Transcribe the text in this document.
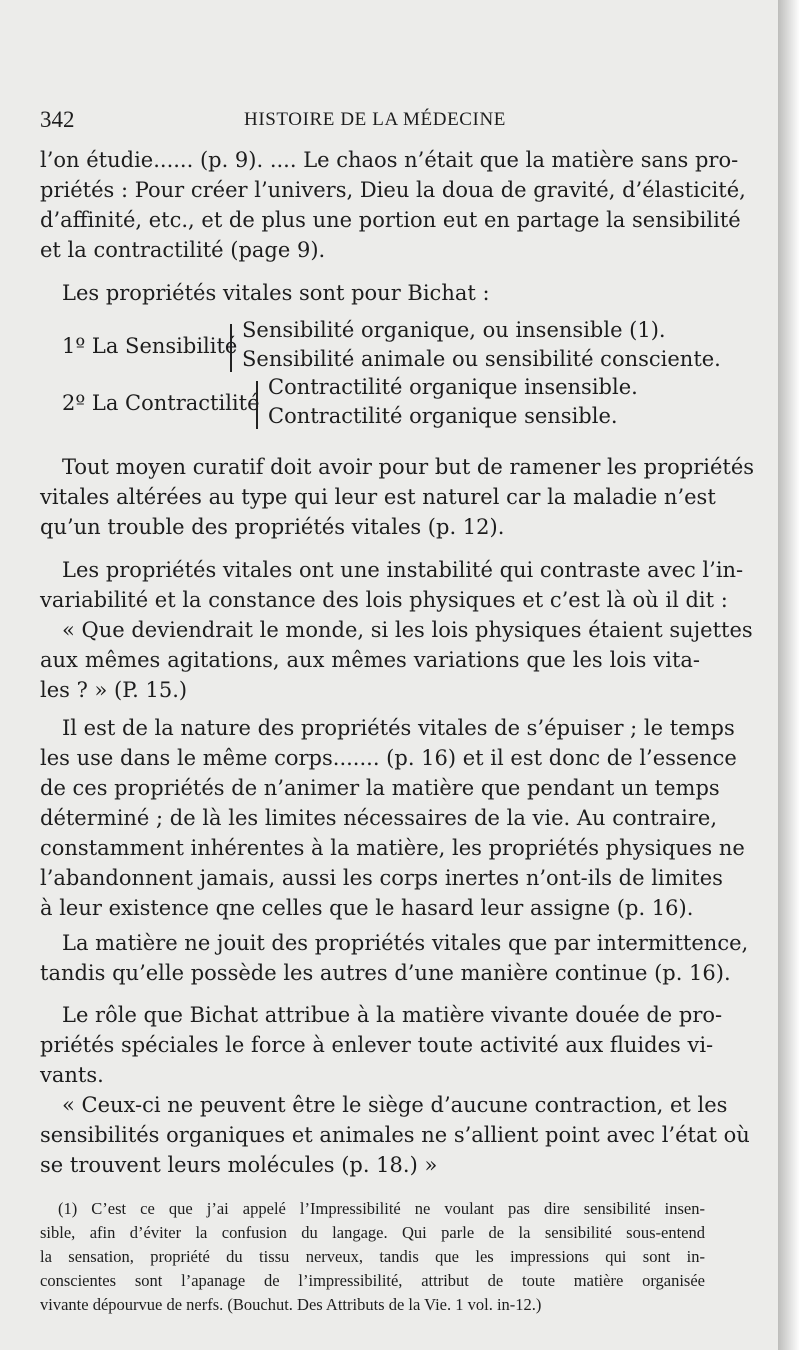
342	HISTOIRE DE LA MÉDECINE
l’on étudie...... (p. 9). .... Le chaos n’était que la matière sans pro-
priétés : Pour créer l’univers, Dieu la doua de gravité, d’élasticité,
d’affinité, etc., et de plus une portion eut en partage la sensibilité
et la contractilité (page 9).
Les propriétés vitales sont pour Bichat :
1º La Sensibilité
Sensibilité organique, ou insensible (1).
Sensibilité animale ou sensibilité consciente.
2º La Contractilité
Contractilité organique insensible.
Contractilité organique sensible.
Tout moyen curatif doit avoir pour but de ramener les propriétés
vitales altérées au type qui leur est naturel car la maladie n’est
qu’un trouble des propriétés vitales (p. 12).
Les propriétés vitales ont une instabilité qui contraste avec l’in-
variabilité et la constance des lois physiques et c’est là où il dit :
« Que deviendrait le monde, si les lois physiques étaient sujettes
aux mêmes agitations, aux mêmes variations que les lois vita-
les ? » (P. 15.)
Il est de la nature des propriétés vitales de s’épuiser ; le temps
les use dans le même corps....... (p. 16) et il est donc de l’essence
de ces propriétés de n’animer la matière que pendant un temps
déterminé ; de là les limites nécessaires de la vie. Au contraire,
constamment inhérentes à la matière, les propriétés physiques ne
l’abandonnent jamais, aussi les corps inertes n’ont-ils de limites
à leur existence qne celles que le hasard leur assigne (p. 16).
La matière ne jouit des propriétés vitales que par intermittence,
tandis qu’elle possède les autres d’une manière continue (p. 16).
Le rôle que Bichat attribue à la matière vivante douée de pro-
priétés spéciales le force à enlever toute activité aux fluides vi-
vants.
« Ceux-ci ne peuvent être le siège d’aucune contraction, et les
sensibilités organiques et animales ne s’allient point avec l’état où
se trouvent leurs molécules (p. 18.) »
(1) C’est ce que j’ai appelé l’Impressibilité ne voulant pas dire sensibilité insen-
sible, afin d’éviter la confusion du langage. Qui parle de la sensibilité sous-entend
la sensation, propriété du tissu nerveux, tandis que les impressions qui sont in-
conscientes sont l’apanage de l’impressibilité, attribut de toute matière organisée
vivante dépourvue de nerfs. (Bouchut. Des Attributs de la Vie. 1 vol. in-12.)
